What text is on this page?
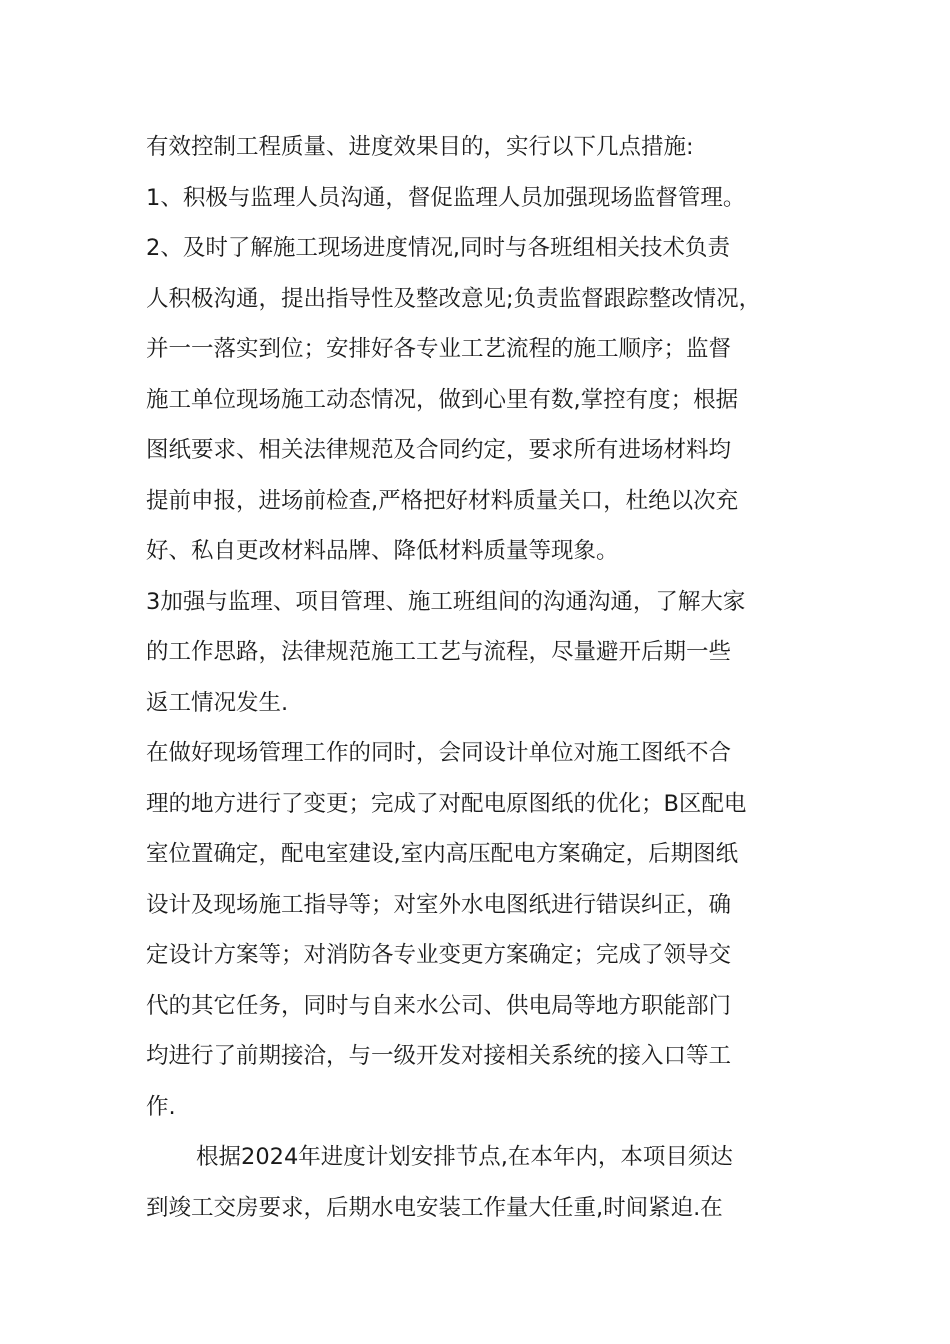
有效控制工程质量、进度效果目的，实行以下几点措施:
1、积极与监理人员沟通，督促监理人员加强现场监督管理。
2、及时了解施工现场进度情况,同时与各班组相关技术负责
人积极沟通，提出指导性及整改意见;负责监督跟踪整改情况，
并一一落实到位；安排好各专业工艺流程的施工顺序；监督
施工单位现场施工动态情况，做到心里有数,掌控有度；根据
图纸要求、相关法律规范及合同约定，要求所有进场材料均
提前申报，进场前检查,严格把好材料质量关口，杜绝以次充
好、私自更改材料品牌、降低材料质量等现象。
3加强与监理、项目管理、施工班组间的沟通沟通，了解大家
的工作思路，法律规范施工工艺与流程，尽量避开后期一些
返工情况发生.
在做好现场管理工作的同时，会同设计单位对施工图纸不合
理的地方进行了变更；完成了对配电原图纸的优化；B区配电
室位置确定，配电室建设,室内高压配电方案确定，后期图纸
设计及现场施工指导等；对室外水电图纸进行错误纠正，确
定设计方案等；对消防各专业变更方案确定；完成了领导交
代的其它任务，同时与自来水公司、供电局等地方职能部门
均进行了前期接洽，与一级开发对接相关系统的接入口等工
作.
根据2024年进度计划安排节点,在本年内，本项目须达
到竣工交房要求，后期水电安装工作量大任重,时间紧迫.在
